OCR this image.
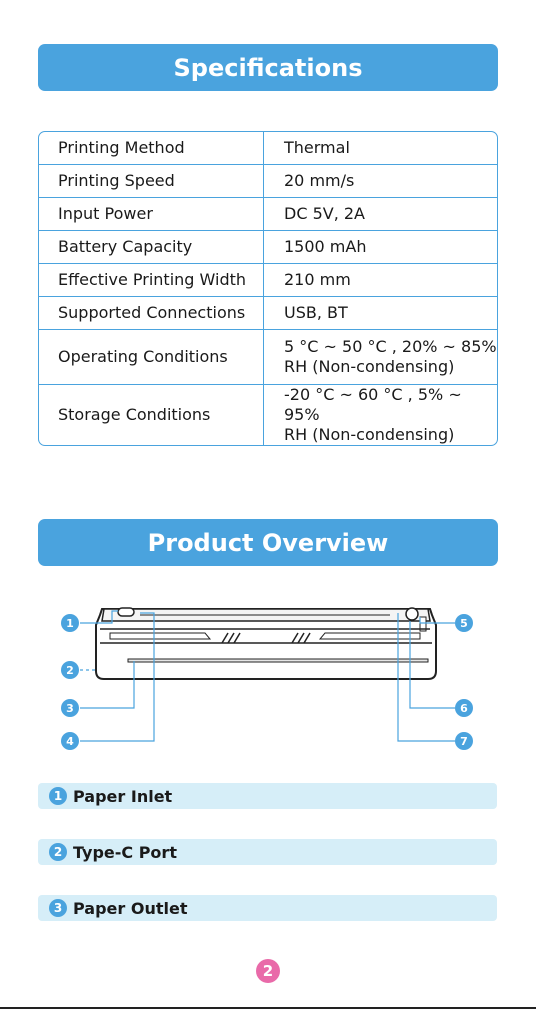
Specifications
Printing Method	Thermal
Printing Speed	20 mm/s
Input Power	DC 5V, 2A
Battery Capacity	1500 mAh
Effective Printing Width	210 mm
Supported Connections	USB, BT
Operating Conditions	5 °C ~ 50 °C , 20% ~ 85%
RH (Non-condensing)

Storage Conditions	-20 °C ~ 60 °C , 5% ~ 95%
RH (Non-condensing)
Product Overview
1
2
3
4
5
6
7
1 Paper Inlet
2 Type-C Port
3 Paper Outlet
2
